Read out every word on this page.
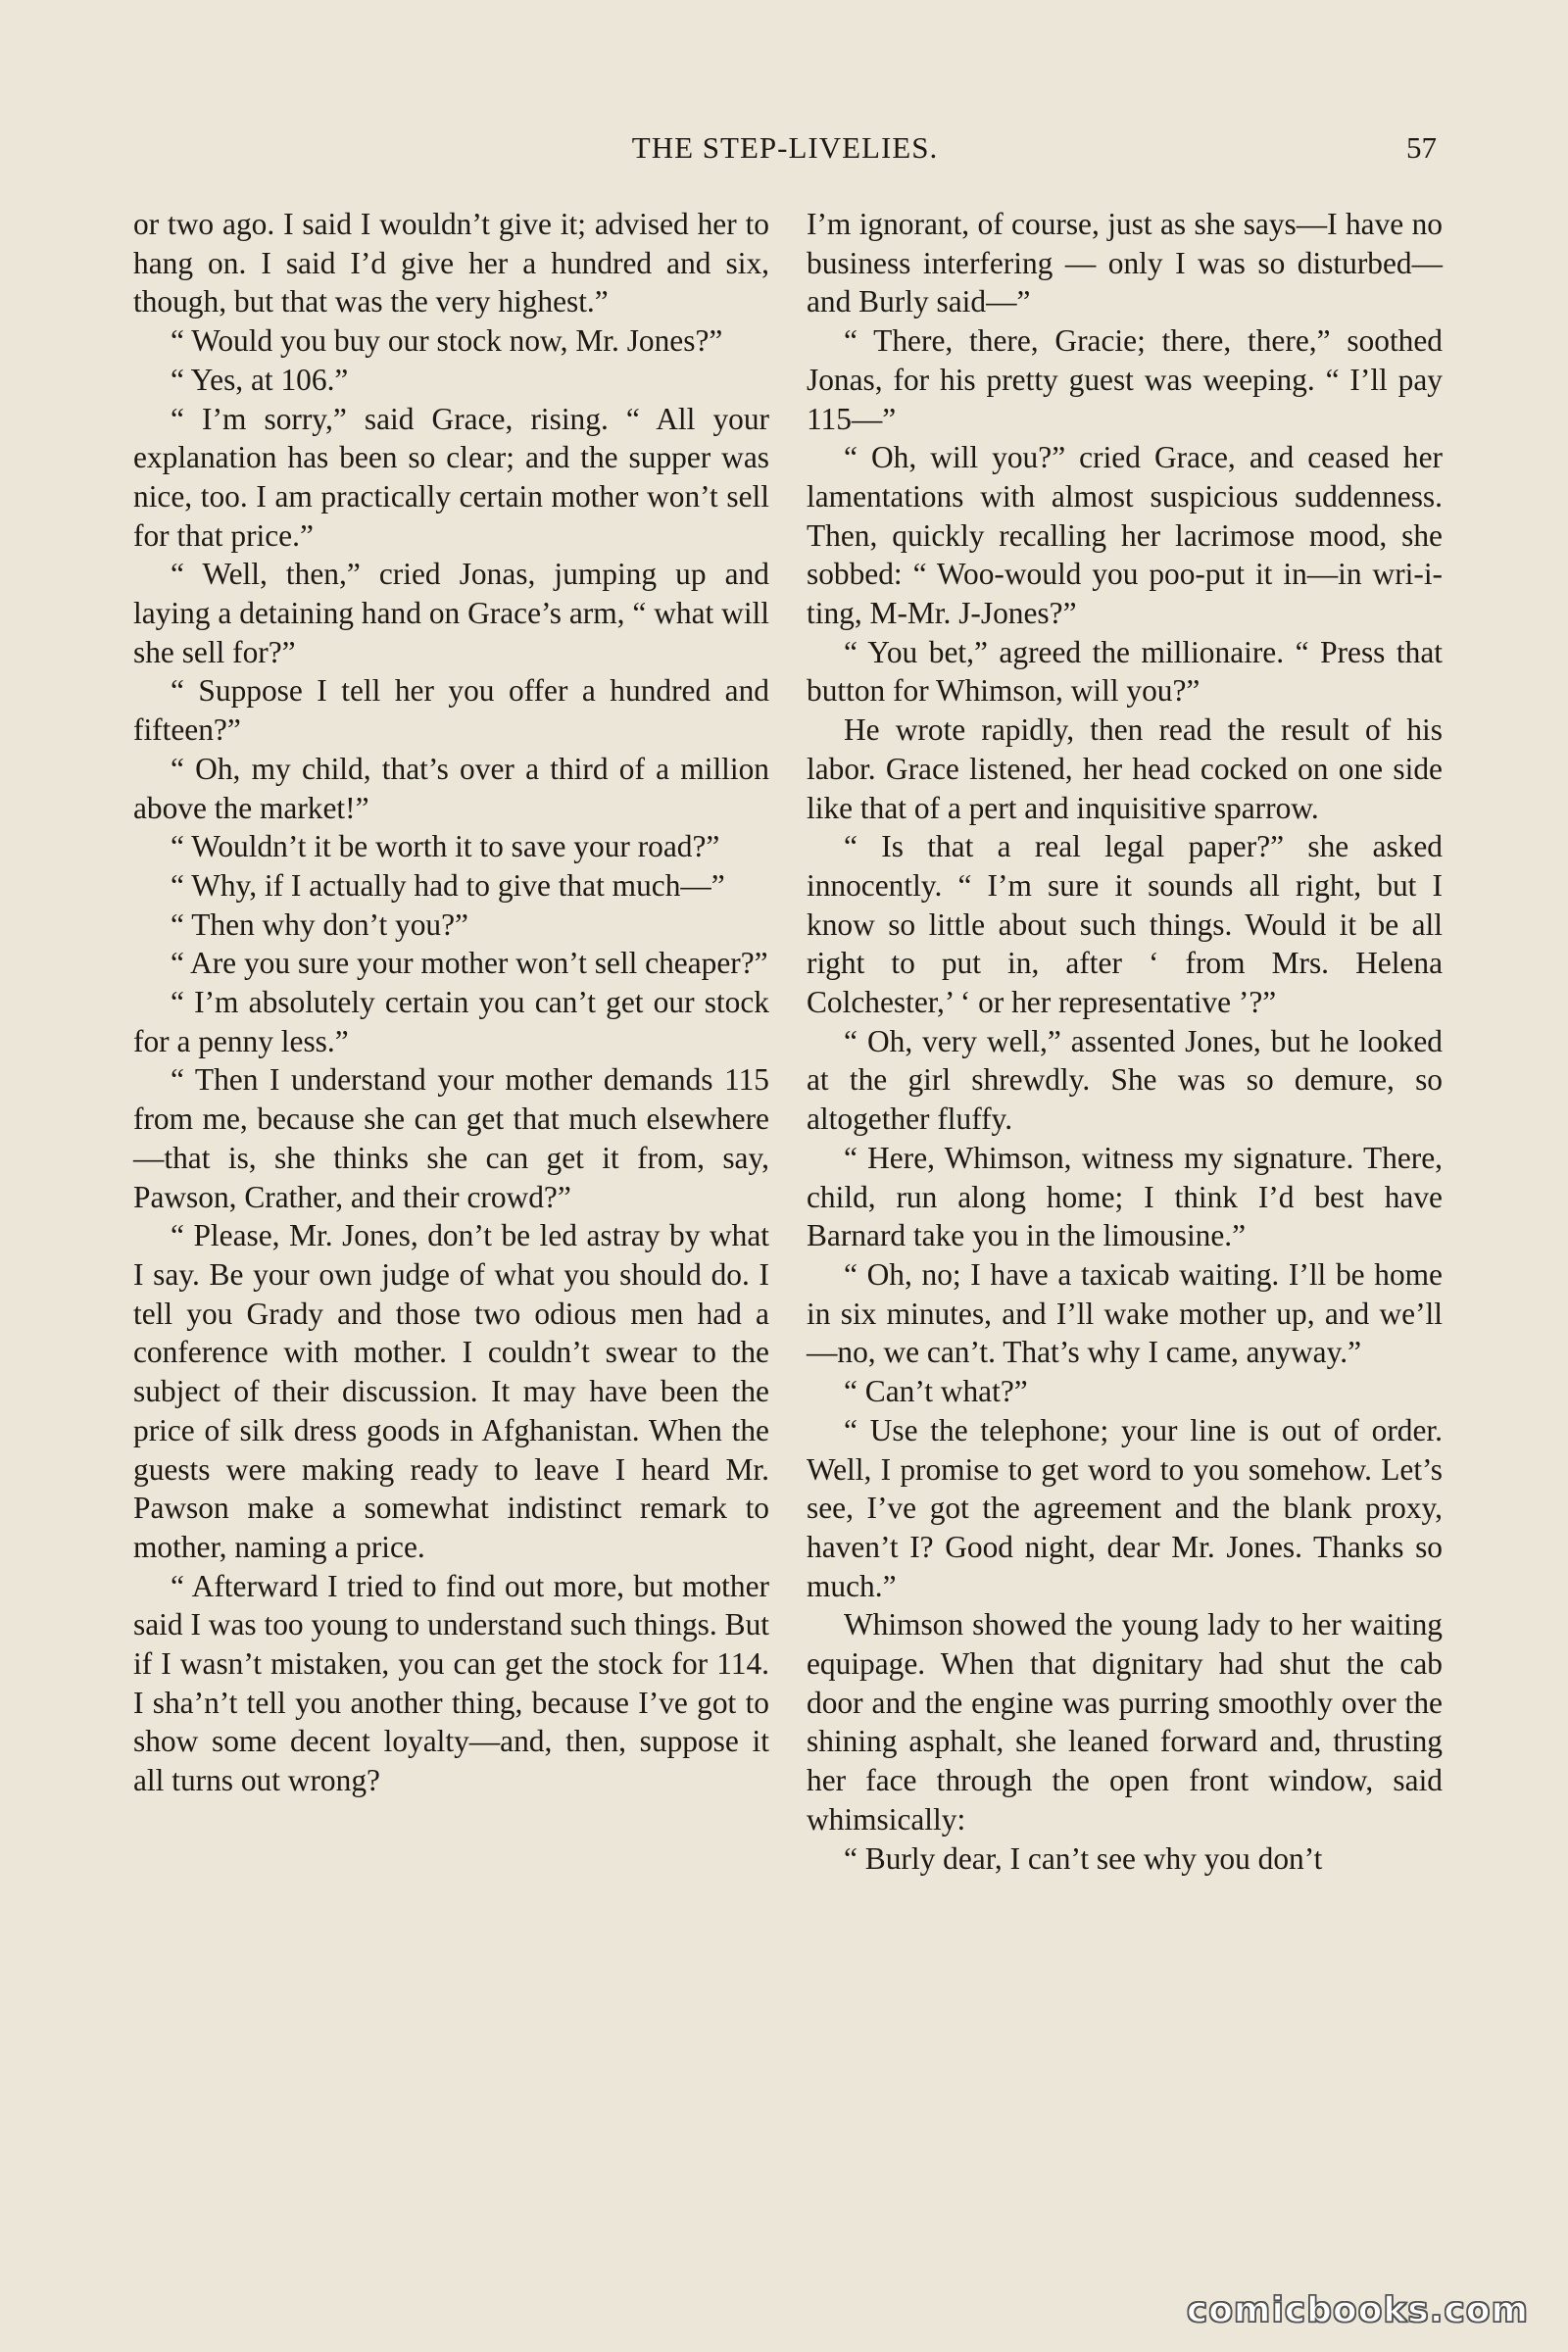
THE STEP-LIVELIES.	57

or two ago. I said I wouldn’t give it; advised her to hang on. I said I’d give her a hundred and six, though, but that was the very highest.”

“ Would you buy our stock now, Mr. Jones?”

“ Yes, at 106.”

“ I’m sorry,” said Grace, rising. “ All your explanation has been so clear; and the supper was nice, too. I am practically certain mother won’t sell for that price.”

“ Well, then,” cried Jonas, jumping up and laying a detaining hand on Grace’s arm, “ what will she sell for?”

“ Suppose I tell her you offer a hundred and fifteen?”

“ Oh, my child, that’s over a third of a million above the market!”

“ Wouldn’t it be worth it to save your road?”

“ Why, if I actually had to give that much—”

“ Then why don’t you?”

“ Are you sure your mother won’t sell cheaper?”

“ I’m absolutely certain you can’t get our stock for a penny less.”

“ Then I understand your mother demands 115 from me, because she can get that much elsewhere—that is, she thinks she can get it from, say, Pawson, Crather, and their crowd?”

“ Please, Mr. Jones, don’t be led astray by what I say. Be your own judge of what you should do. I tell you Grady and those two odious men had a conference with mother. I couldn’t swear to the subject of their discussion. It may have been the price of silk dress goods in Afghanistan. When the guests were making ready to leave I heard Mr. Pawson make a somewhat indistinct remark to mother, naming a price.

“ Afterward I tried to find out more, but mother said I was too young to understand such things. But if I wasn’t mistaken, you can get the stock for 114. I sha’n’t tell you another thing, because I’ve got to show some decent loyalty—and, then, suppose it all turns out wrong?

I’m ignorant, of course, just as she says—I have no business interfering — only I was so disturbed—and Burly said—”

“ There, there, Gracie; there, there,” soothed Jonas, for his pretty guest was weeping. “ I’ll pay 115—”

“ Oh, will you?” cried Grace, and ceased her lamentations with almost suspicious suddenness. Then, quickly recalling her lacrimose mood, she sobbed: “ Woo-would you poo-put it in—in wri-i-ting, M-Mr. J-Jones?”

“ You bet,” agreed the millionaire. “ Press that button for Whimson, will you?”

He wrote rapidly, then read the result of his labor. Grace listened, her head cocked on one side like that of a pert and inquisitive sparrow.

“ Is that a real legal paper?” she asked innocently. “ I’m sure it sounds all right, but I know so little about such things. Would it be all right to put in, after ‘ from Mrs. Helena Colchester,’ ‘ or her representative ’?”

“ Oh, very well,” assented Jones, but he looked at the girl shrewdly. She was so demure, so altogether fluffy.

“ Here, Whimson, witness my signature. There, child, run along home; I think I’d best have Barnard take you in the limousine.”

“ Oh, no; I have a taxicab waiting. I’ll be home in six minutes, and I’ll wake mother up, and we’ll—no, we can’t. That’s why I came, anyway.”

“ Can’t what?”

“ Use the telephone; your line is out of order. Well, I promise to get word to you somehow. Let’s see, I’ve got the agreement and the blank proxy, haven’t I? Good night, dear Mr. Jones. Thanks so much.”

Whimson showed the young lady to her waiting equipage. When that dignitary had shut the cab door and the engine was purring smoothly over the shining asphalt, she leaned forward and, thrusting her face through the open front window, said whimsically:

“ Burly dear, I can’t see why you don’t

comicbooks.com
